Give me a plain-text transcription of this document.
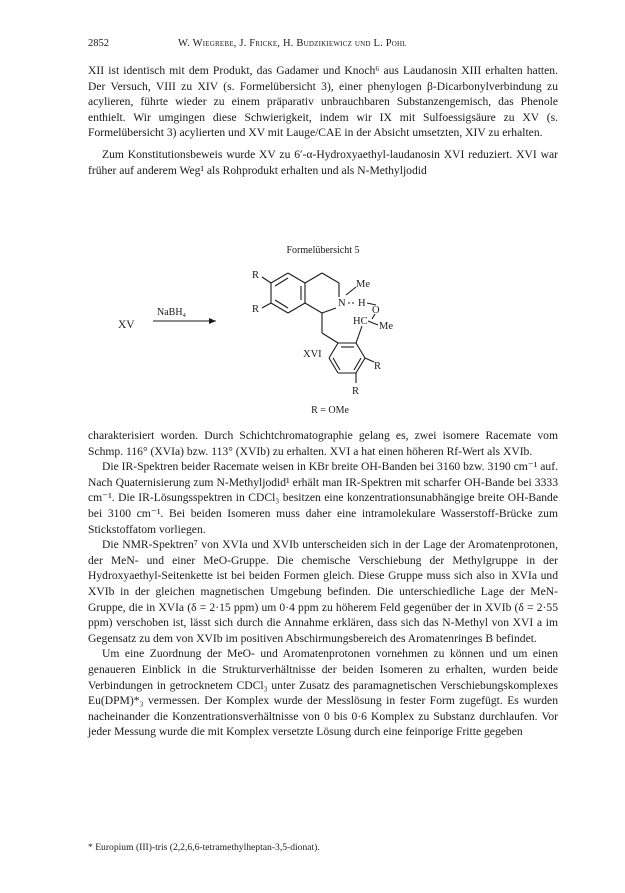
2852	W. Wiegrebe, J. Fricke, H. Budzikiewicz und L. Pohl

XII ist identisch mit dem Produkt, das Gadamer und Knoch⁶ aus Laudanosin XIII erhalten hatten. Der Versuch, VIII zu XIV (s. Formelübersicht 3), einer phenylogen β-Dicarbonylverbindung zu acylieren, führte wieder zu einem präparativ unbrauchbaren Substanzengemisch, das Phenole enthielt. Wir umgingen diese Schwierigkeit, indem wir IX mit Sulfoessigsäure zu XV (s. Formelübersicht 3) acylierten und XV mit Lauge/CAE in der Absicht umsetzten, XIV zu erhalten.

Zum Konstitutionsbeweis wurde XV zu 6′-α-Hydroxyaethyl-laudanosin XVI reduziert. XVI war früher auf anderem Weg¹ als Rohprodukt erhalten und als N-Methyljodid

Formelübersicht 5
XV
NaBH₄
R
R
Me
N H
O
HC Me
XVI
R
R
R = OMe

charakterisiert worden. Durch Schichtchromatographie gelang es, zwei isomere Racemate vom Schmp. 116° (XVIa) bzw. 113° (XVIb) zu erhalten. XVI a hat einen höheren Rf-Wert als XVIb.

Die IR-Spektren beider Racemate weisen in KBr breite OH-Banden bei 3160 bzw. 3190 cm⁻¹ auf. Nach Quaternisierung zum N-Methyljodid¹ erhält man IR-Spektren mit scharfer OH-Bande bei 3333 cm⁻¹. Die IR-Lösungsspektren in CDCl₃ besitzen eine konzentrationsunabhängige breite OH-Bande bei 3100 cm⁻¹. Bei beiden Isomeren muss daher eine intramolekulare Wasserstoff-Brücke zum Stickstoffatom vorliegen.

Die NMR-Spektren⁷ von XVIa und XVIb unterscheiden sich in der Lage der Aromatenprotonen, der MeN- und einer MeO-Gruppe. Die chemische Verschiebung der Methylgruppe in der Hydroxyaethyl-Seitenkette ist bei beiden Formen gleich. Diese Gruppe muss sich also in XVIa und XVIb in der gleichen magnetischen Umgebung befinden. Die unterschiedliche Lage der MeN-Gruppe, die in XVIa (δ = 2·15 ppm) um 0·4 ppm zu höherem Feld gegenüber der in XVIb (δ = 2·55 ppm) verschoben ist, lässt sich durch die Annahme erklären, dass sich das N-Methyl von XVI a im Gegensatz zu dem von XVIb im positiven Abschirmungsbereich des Aromatenringes B befindet.

Um eine Zuordnung der MeO- und Aromatenprotonen vornehmen zu können und um einen genaueren Einblick in die Strukturverhältnisse der beiden Isomeren zu erhalten, wurden beide Verbindungen in getrocknetem CDCl₃ unter Zusatz des paramagnetischen Verschiebungskomplexes Eu(DPM)*₃ vermessen. Der Komplex wurde der Messlösung in fester Form zugefügt. Es wurden nacheinander die Konzentrationsverhältnisse von 0 bis 0·6 Komplex zu Substanz durchlaufen. Vor jeder Messung wurde die mit Komplex versetzte Lösung durch eine feinporige Fritte gegeben

* Europium (III)-tris (2,2,6,6-tetramethylheptan-3,5-dionat).
